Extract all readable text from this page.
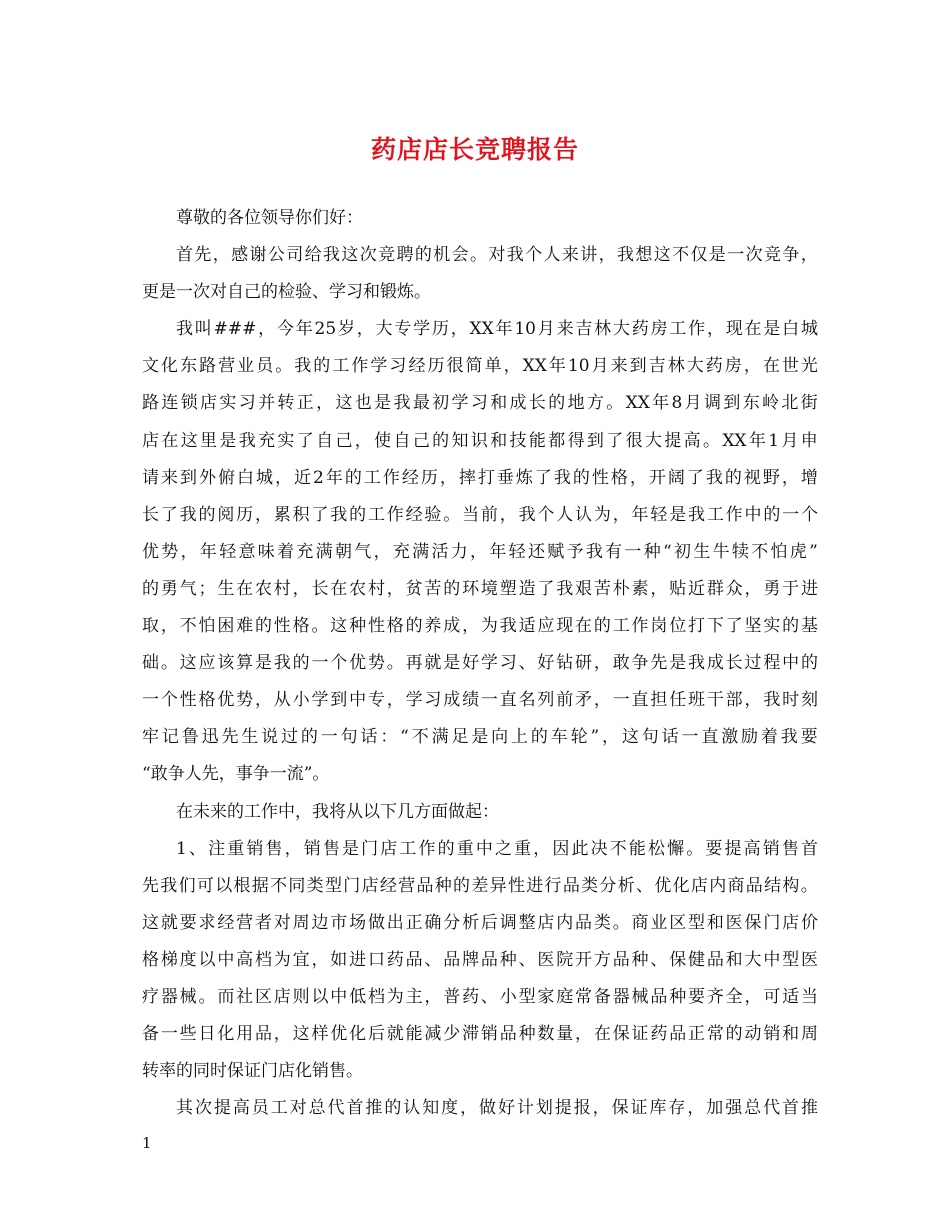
药店店长竞聘报告
尊敬的各位领导你们好：
首 先 ， 感 谢 公 司 给 我 这 次 竞 聘 的 机 会 。 对 我 个 人 来 讲 ， 我 想 这 不 仅 是 一 次 竞 争 ，
更是一次对自己的检验、学习和锻炼。
我 叫 ### ， 今 年 25 岁 ， 大 专 学 历 ， XX 年 10 月 来 吉 林 大 药 房 工 作 ， 现 在 是 白 城
文 化 东 路 营 业 员 。 我 的 工 作 学 习 经 历 很 简 单 ， XX 年 10 月 来 到 吉 林 大 药 房 ， 在 世 光
路 连 锁 店 实 习 并 转 正 ， 这 也 是 我 最 初 学 习 和 成 长 的 地 方 。 XX 年 8 月 调 到 东 岭 北 街
店 在 这 里 是 我 充 实 了 自 己 ， 使 自 己 的 知 识 和 技 能 都 得 到 了 很 大 提 高 。 XX 年 1 月 申
请 来 到 外 俯 白 城 ， 近 2 年 的 工 作 经 历 ， 摔 打 垂 炼 了 我 的 性 格 ， 开 阔 了 我 的 视 野 ， 增
长 了 我 的 阅 历 ， 累 积 了 我 的 工 作 经 验 。 当 前 ， 我 个 人 认 为 ， 年 轻 是 我 工 作 中 的 一 个
优 势 ， 年 轻 意 味 着 充 满 朝 气 ， 充 满 活 力 ， 年 轻 还 赋 予 我 有 一 种 “ 初 生 牛 犊 不 怕 虎 ”
的 勇 气 ； 生 在 农 村 ， 长 在 农 村 ， 贫 苦 的 环 境 塑 造 了 我 艰 苦 朴 素 ， 贴 近 群 众 ， 勇 于 进
取 ， 不 怕 困 难 的 性 格 。 这 种 性 格 的 养 成 ， 为 我 适 应 现 在 的 工 作 岗 位 打 下 了 坚 实 的 基
础 。 这 应 该 算 是 我 的 一 个 优 势 。 再 就 是 好 学 习 、 好 钻 研 ， 敢 争 先 是 我 成 长 过 程 中 的
一 个 性 格 优 势 ， 从 小 学 到 中 专 ， 学 习 成 绩 一 直 名 列 前 矛 ， 一 直 担 任 班 干 部 ， 我 时 刻
牢 记 鲁 迅 先 生 说 过 的 一 句 话 ： “ 不 满 足 是 向 上 的 车 轮 ” ， 这 句 话 一 直 激 励 着 我 要
“敢争人先，事争一流”。
在未来的工作中，我将从以下几方面做起：
1 、 注 重 销 售 ， 销 售 是 门 店 工 作 的 重 中 之 重 ， 因 此 决 不 能 松 懈 。 要 提 高 销 售 首
先 我 们 可 以 根 据 不 同 类 型 门 店 经 营 品 种 的 差 异 性 进 行 品 类 分 析 、 优 化 店 内 商 品 结 构 。
这 就 要 求 经 营 者 对 周 边 市 场 做 出 正 确 分 析 后 调 整 店 内 品 类 。 商 业 区 型 和 医 保 门 店 价
格 梯 度 以 中 高 档 为 宜 ， 如 进 口 药 品 、 品 牌 品 种 、 医 院 开 方 品 种 、 保 健 品 和 大 中 型 医
疗 器 械 。 而 社 区 店 则 以 中 低 档 为 主 ， 普 药 、 小 型 家 庭 常 备 器 械 品 种 要 齐 全 ， 可 适 当
备 一 些 日 化 用 品 ， 这 样 优 化 后 就 能 减 少 滞 销 品 种 数 量 ， 在 保 证 药 品 正 常 的 动 销 和 周
转率的同时保证门店化销售。
其 次 提 高 员 工 对 总 代 首 推 的 认 知 度 ， 做 好 计 划 提 报 ， 保 证 库 存 ， 加 强 总 代 首 推
1
